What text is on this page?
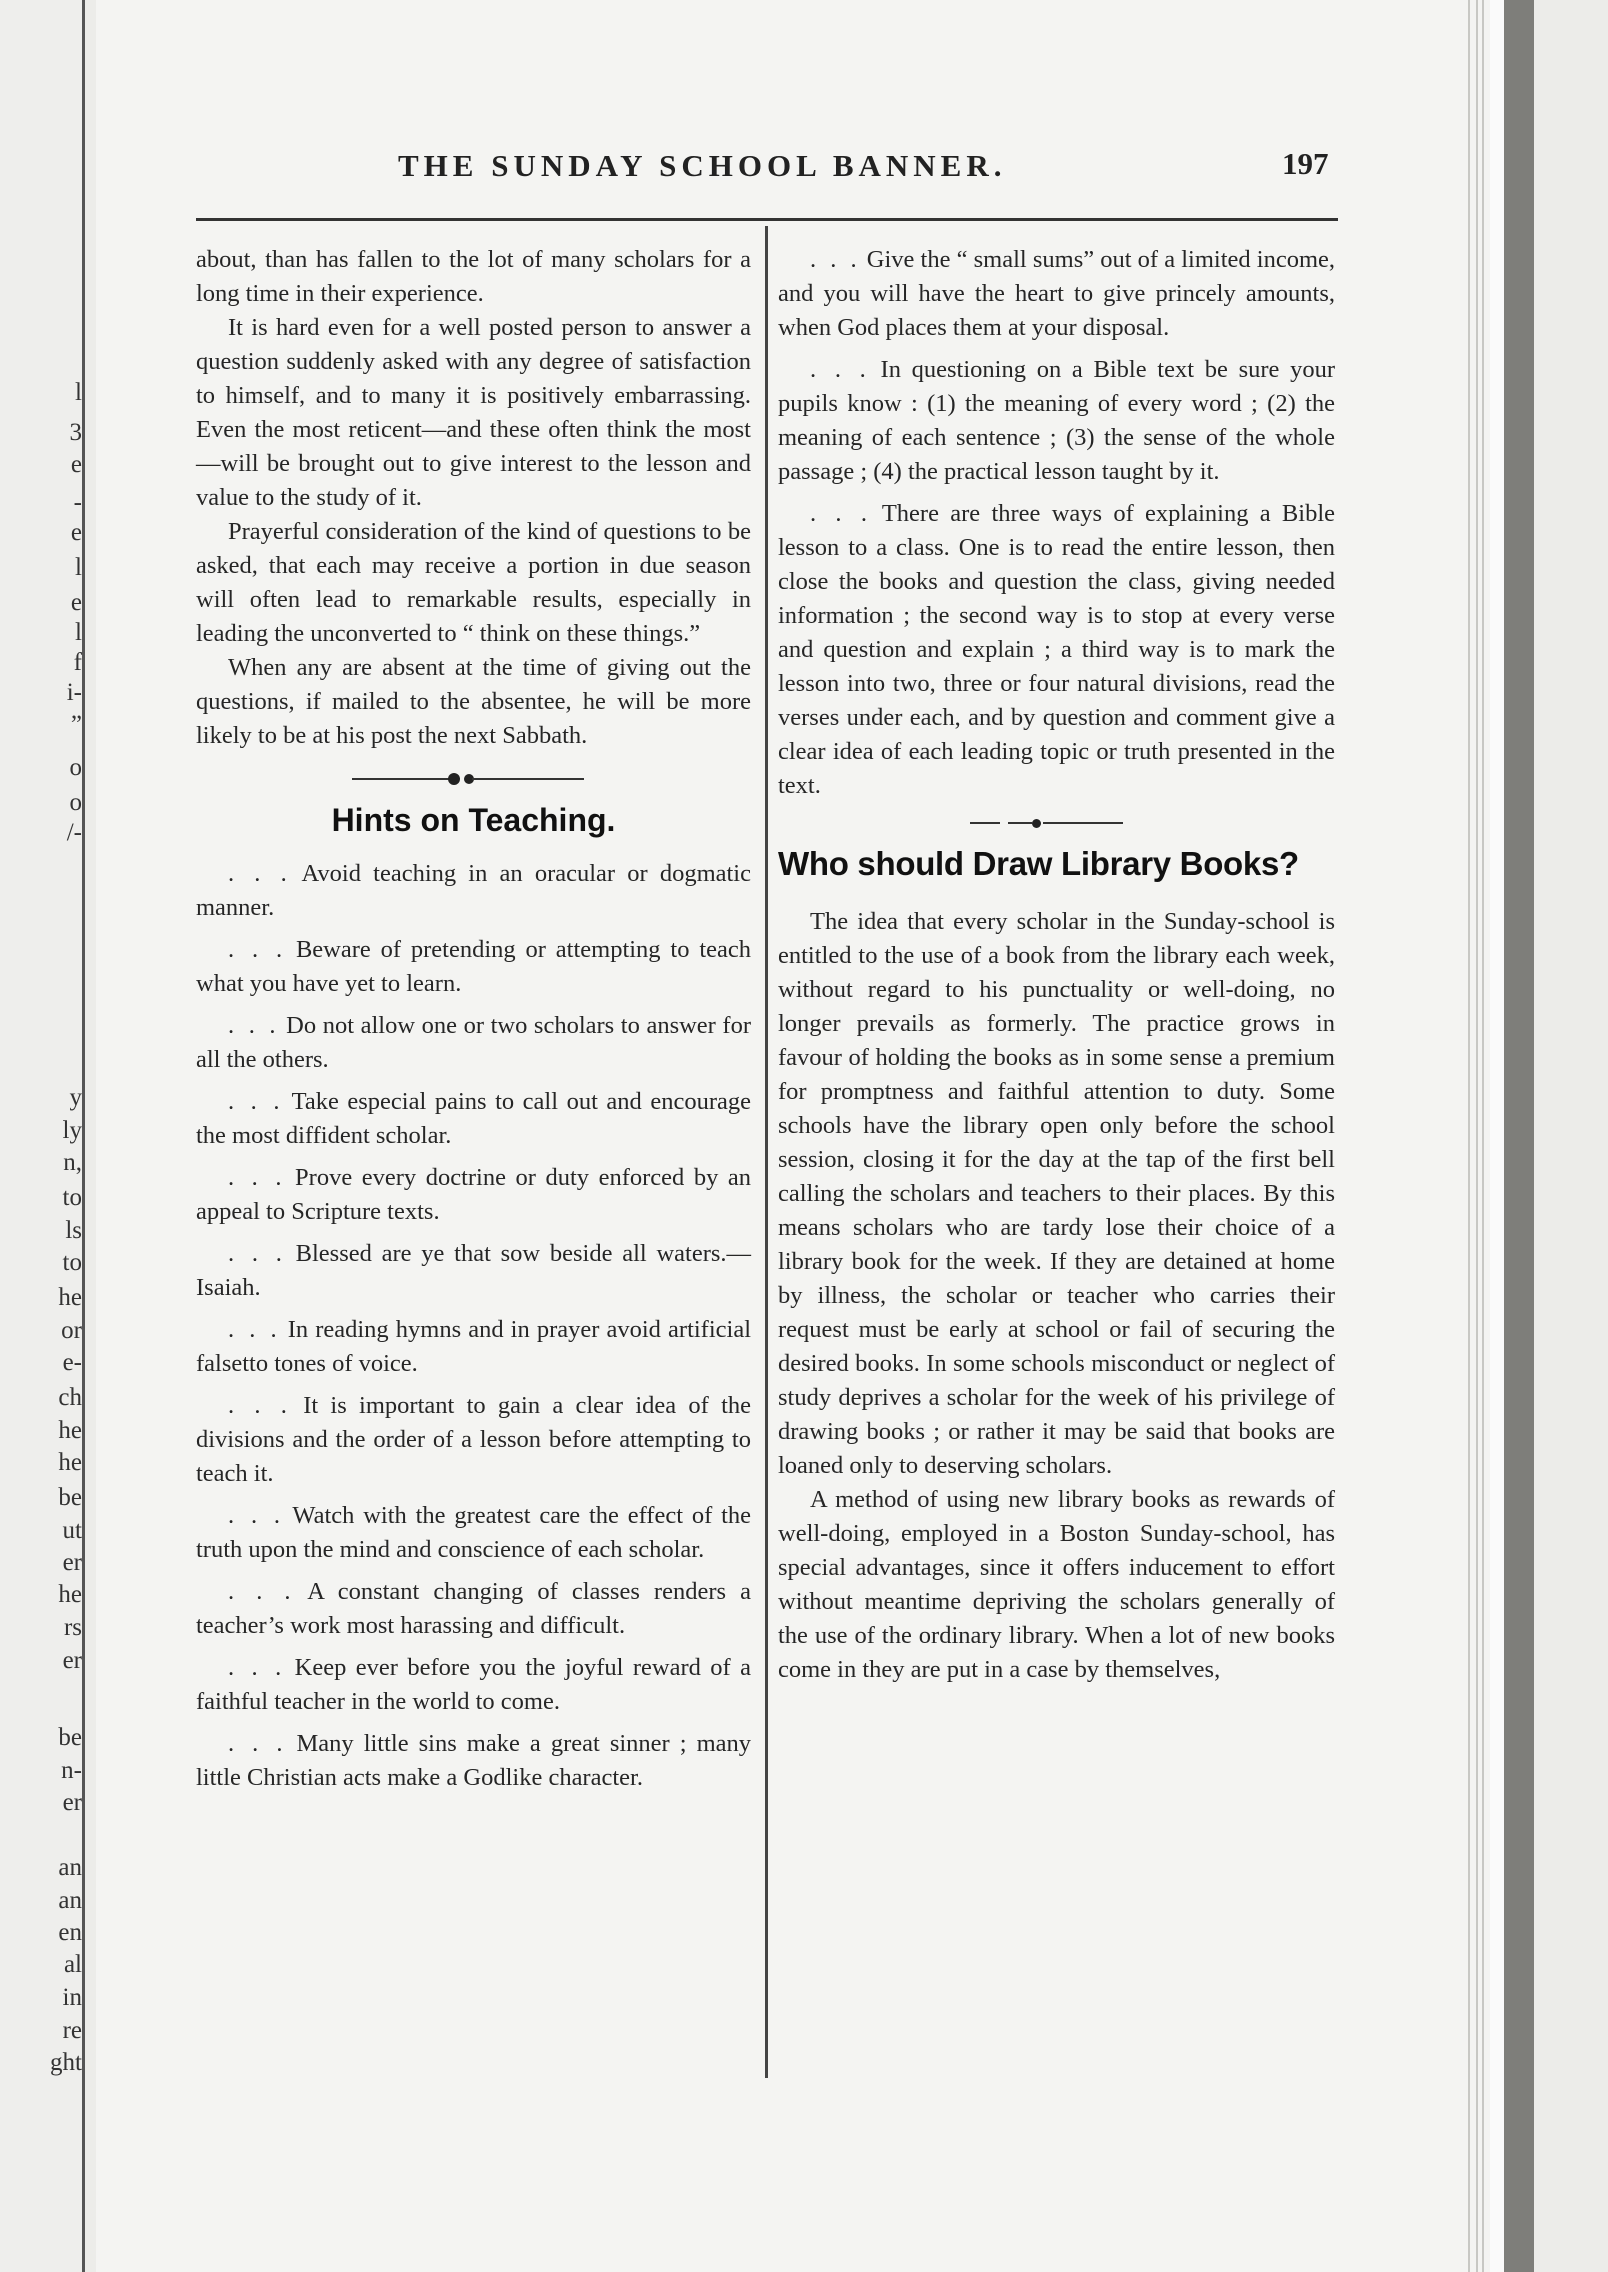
l
3
e
-
e
l
e
l
f
i-
”
o
o
/-
y
ly
n,
to
ls
to
he
or
e-
ch
he
he
be
ut
er
he
rs
er
be
n-
er
an
an
en
al
in
re
ght
THE SUNDAY SCHOOL BANNER.	197

about, than has fallen to the lot of many scholars for a long time in their experience.

It is hard even for a well posted person to answer a question suddenly asked with any degree of satisfaction to himself, and to many it is positively embarrassing. Even the most reticent—and these often think the most—will be brought out to give interest to the lesson and value to the study of it.

Prayerful consideration of the kind of questions to be asked, that each may receive a portion in due season will often lead to remarkable results, especially in leading the unconverted to “ think on these things.”

When any are absent at the time of giving out the questions, if mailed to the absentee, he will be more likely to be at his post the next Sabbath.

Hints on Teaching.

. . . Avoid teaching in an oracular or dogmatic manner.

. . . Beware of pretending or attempting to teach what you have yet to learn.

. . . Do not allow one or two scholars to answer for all the others.

. . . Take especial pains to call out and encourage the most diffident scholar.

. . . Prove every doctrine or duty enforced by an appeal to Scripture texts.

. . . Blessed are ye that sow beside all waters.—Isaiah.

. . . In reading hymns and in prayer avoid artificial falsetto tones of voice.

. . . It is important to gain a clear idea of the divisions and the order of a lesson before attempting to teach it.

. . . Watch with the greatest care the effect of the truth upon the mind and conscience of each scholar.

. . . A constant changing of classes renders a teacher’s work most harassing and difficult.

. . . Keep ever before you the joyful reward of a faithful teacher in the world to come.

. . . Many little sins make a great sinner ; many little Christian acts make a Godlike character.

. . . Give the “ small sums” out of a limited income, and you will have the heart to give princely amounts, when God places them at your disposal.

. . . In questioning on a Bible text be sure your pupils know : (1) the meaning of every word ; (2) the meaning of each sentence ; (3) the sense of the whole passage ; (4) the practical lesson taught by it.

. . . There are three ways of explaining a Bible lesson to a class. One is to read the entire lesson, then close the books and question the class, giving needed information ; the second way is to stop at every verse and question and explain ; a third way is to mark the lesson into two, three or four natural divisions, read the verses under each, and by question and comment give a clear idea of each leading topic or truth presented in the text.

Who should Draw Library Books?

The idea that every scholar in the Sunday-school is entitled to the use of a book from the library each week, without regard to his punctuality or well-doing, no longer prevails as formerly. The practice grows in favour of holding the books as in some sense a premium for promptness and faithful attention to duty. Some schools have the library open only before the school session, closing it for the day at the tap of the first bell calling the scholars and teachers to their places. By this means scholars who are tardy lose their choice of a library book for the week. If they are detained at home by illness, the scholar or teacher who carries their request must be early at school or fail of securing the desired books. In some schools misconduct or neglect of study deprives a scholar for the week of his privilege of drawing books ; or rather it may be said that books are loaned only to deserving scholars.

A method of using new library books as rewards of well-doing, employed in a Boston Sunday-school, has special advantages, since it offers inducement to effort without meantime depriving the scholars generally of the use of the ordinary library. When a lot of new books come in they are put in a case by themselves,
